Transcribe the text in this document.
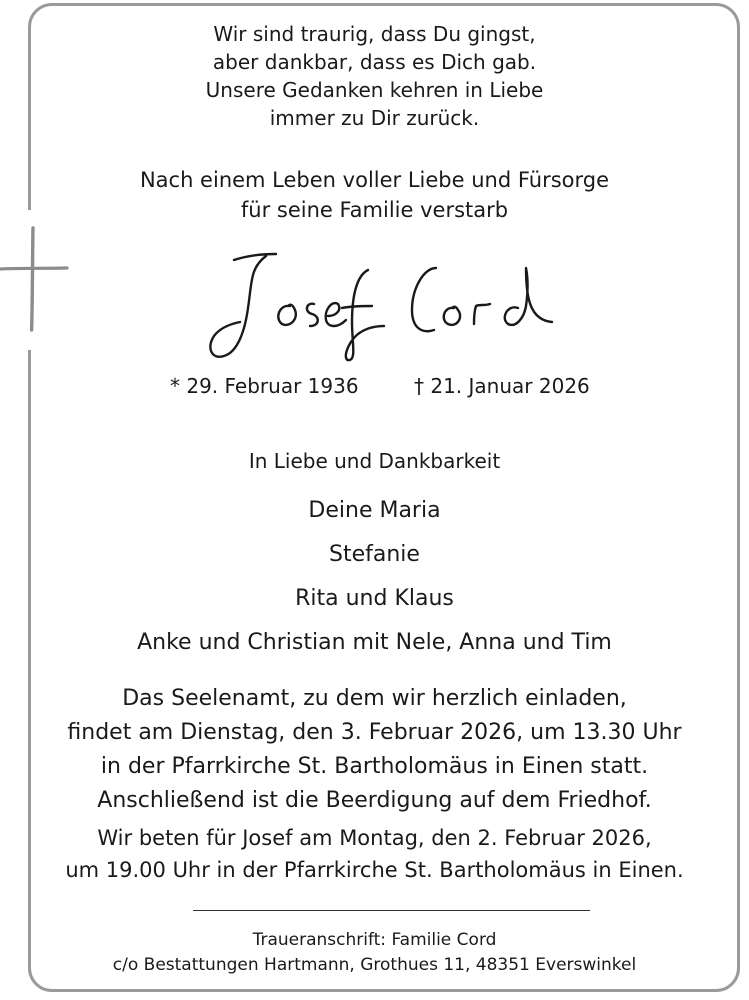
Wir sind traurig, dass Du gingst,
aber dankbar, dass es Dich gab.
Unsere Gedanken kehren in Liebe
immer zu Dir zurück.
Nach einem Leben voller Liebe und Fürsorge
für seine Familie verstarb
* 29. Februar 1936	† 21. Januar 2026
In Liebe und Dankbarkeit
Deine Maria
Stefanie
Rita und Klaus
Anke und Christian mit Nele, Anna und Tim
Das Seelenamt, zu dem wir herzlich einladen,
findet am Dienstag, den 3. Februar 2026, um 13.30 Uhr
in der Pfarrkirche St. Bartholomäus in Einen statt.
Anschließend ist die Beerdigung auf dem Friedhof.
Wir beten für Josef am Montag, den 2. Februar 2026,
um 19.00 Uhr in der Pfarrkirche St. Bartholomäus in Einen.
Traueranschrift: Familie Cord
c/o Bestattungen Hartmann, Grothues 11, 48351 Everswinkel
